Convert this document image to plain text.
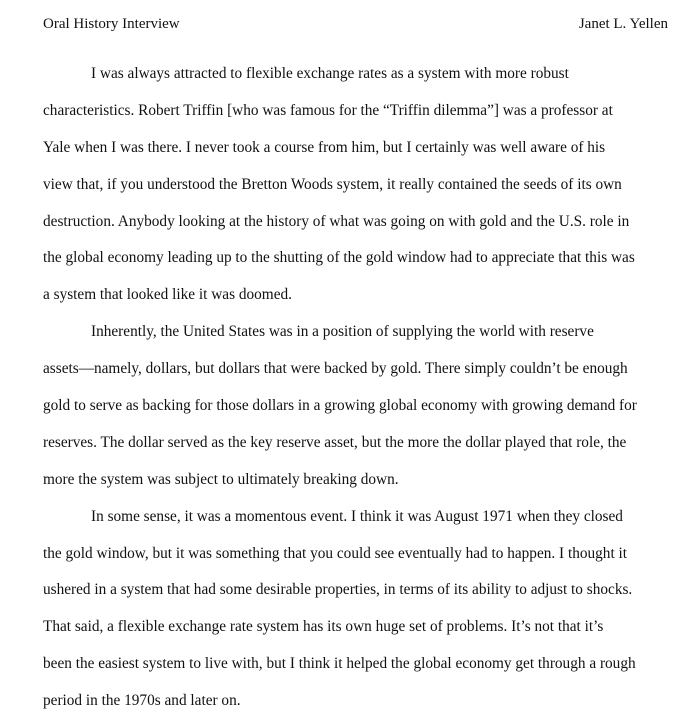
Oral History Interview	Janet L. Yellen
I was always attracted to flexible exchange rates as a system with more robust
characteristics. Robert Triffin [who was famous for the “Triffin dilemma”] was a professor at
Yale when I was there. I never took a course from him, but I certainly was well aware of his
view that, if you understood the Bretton Woods system, it really contained the seeds of its own
destruction. Anybody looking at the history of what was going on with gold and the U.S. role in
the global economy leading up to the shutting of the gold window had to appreciate that this was
a system that looked like it was doomed.
Inherently, the United States was in a position of supplying the world with reserve
assets—namely, dollars, but dollars that were backed by gold. There simply couldn’t be enough
gold to serve as backing for those dollars in a growing global economy with growing demand for
reserves. The dollar served as the key reserve asset, but the more the dollar played that role, the
more the system was subject to ultimately breaking down.
In some sense, it was a momentous event. I think it was August 1971 when they closed
the gold window, but it was something that you could see eventually had to happen. I thought it
ushered in a system that had some desirable properties, in terms of its ability to adjust to shocks.
That said, a flexible exchange rate system has its own huge set of problems. It’s not that it’s
been the easiest system to live with, but I think it helped the global economy get through a rough
period in the 1970s and later on.
